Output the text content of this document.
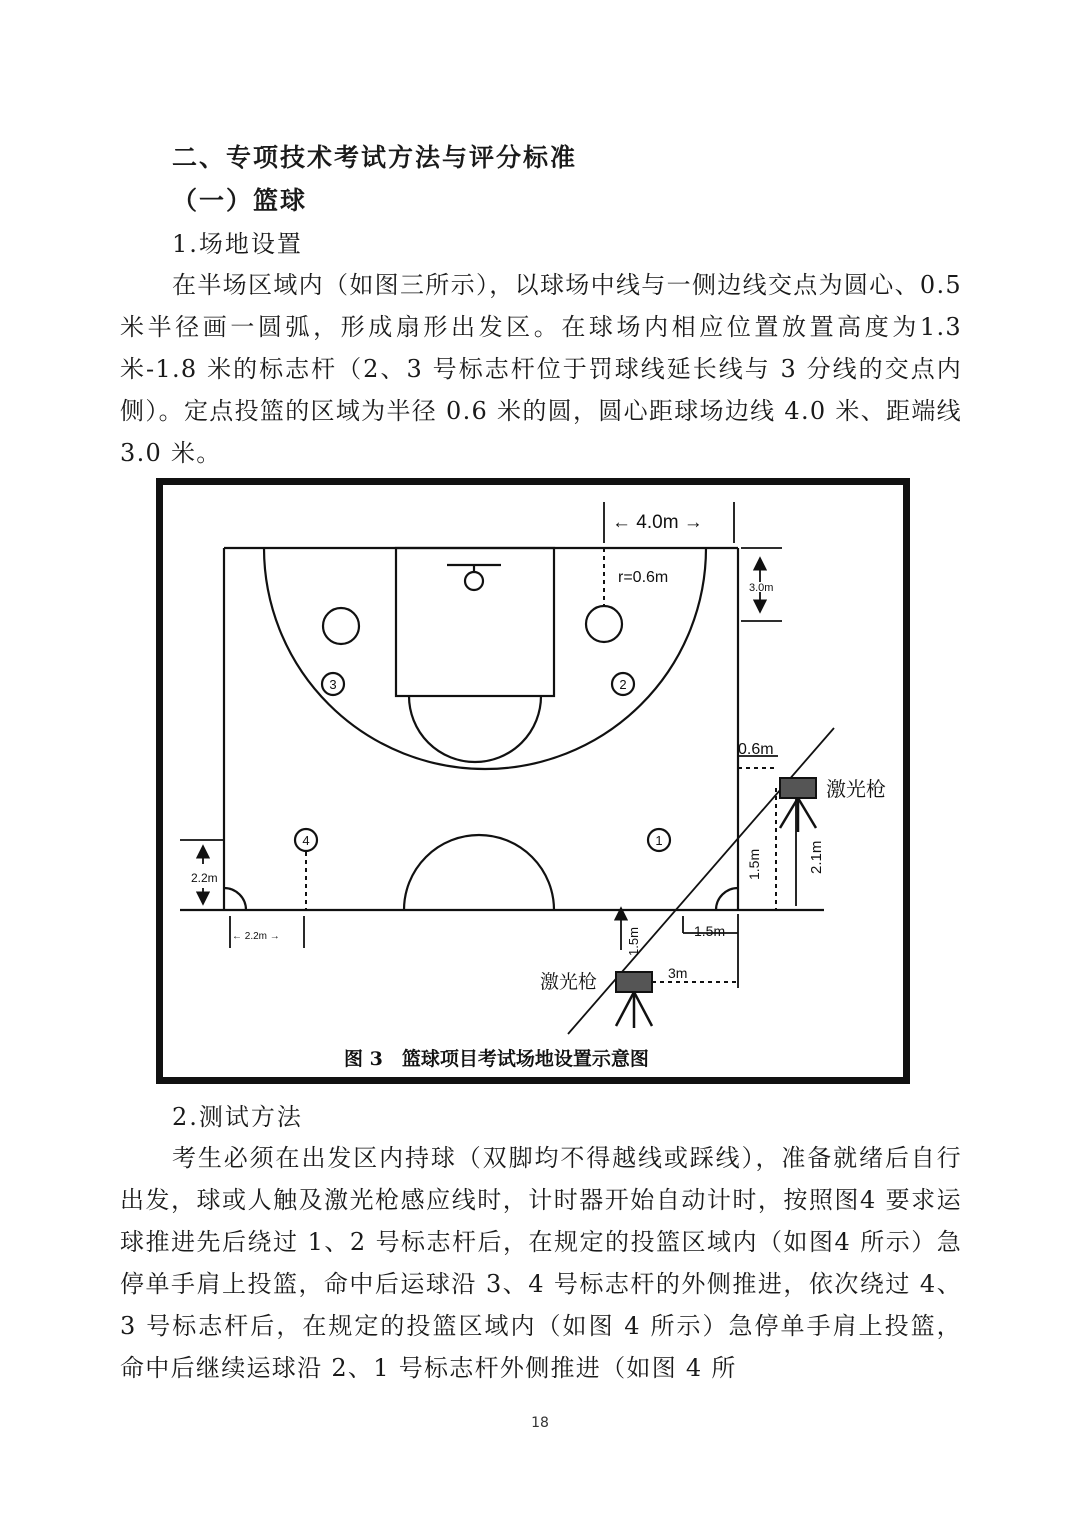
二、专项技术考试方法与评分标准
（一）篮球
1.场地设置
在半场区域内（如图三所示），以球场中线与一侧边线交点为圆心、0.5 米半径画一圆弧，形成扇形出发区。在球场内相应位置放置高度为1.3 米-1.8 米的标志杆（2、3 号标志杆位于罚球线延长线与 3 分线的交点内侧）。定点投篮的区域为半径 0.6 米的圆，圆心距球场边线 4.0 米、距端线 3.0 米。
← 4.0m →
r=0.6m
3.0m
0.6m
激光枪
激光枪
1.5m	2.1m
2.2m
← 2.2m →	1.5m	1.5m
3m
1
2
3
4
图 3　篮球项目考试场地设置示意图
2.测试方法
考生必须在出发区内持球（双脚均不得越线或踩线），准备就绪后自行出发，球或人触及激光枪感应线时，计时器开始自动计时，按照图4 要求运球推进先后绕过 1、2 号标志杆后，在规定的投篮区域内（如图4 所示）急停单手肩上投篮，命中后运球沿 3、4 号标志杆的外侧推进，依次绕过 4、3 号标志杆后，在规定的投篮区域内（如图 4 所示）急停单手肩上投篮，命中后继续运球沿 2、1 号标志杆外侧推进（如图 4 所
18
